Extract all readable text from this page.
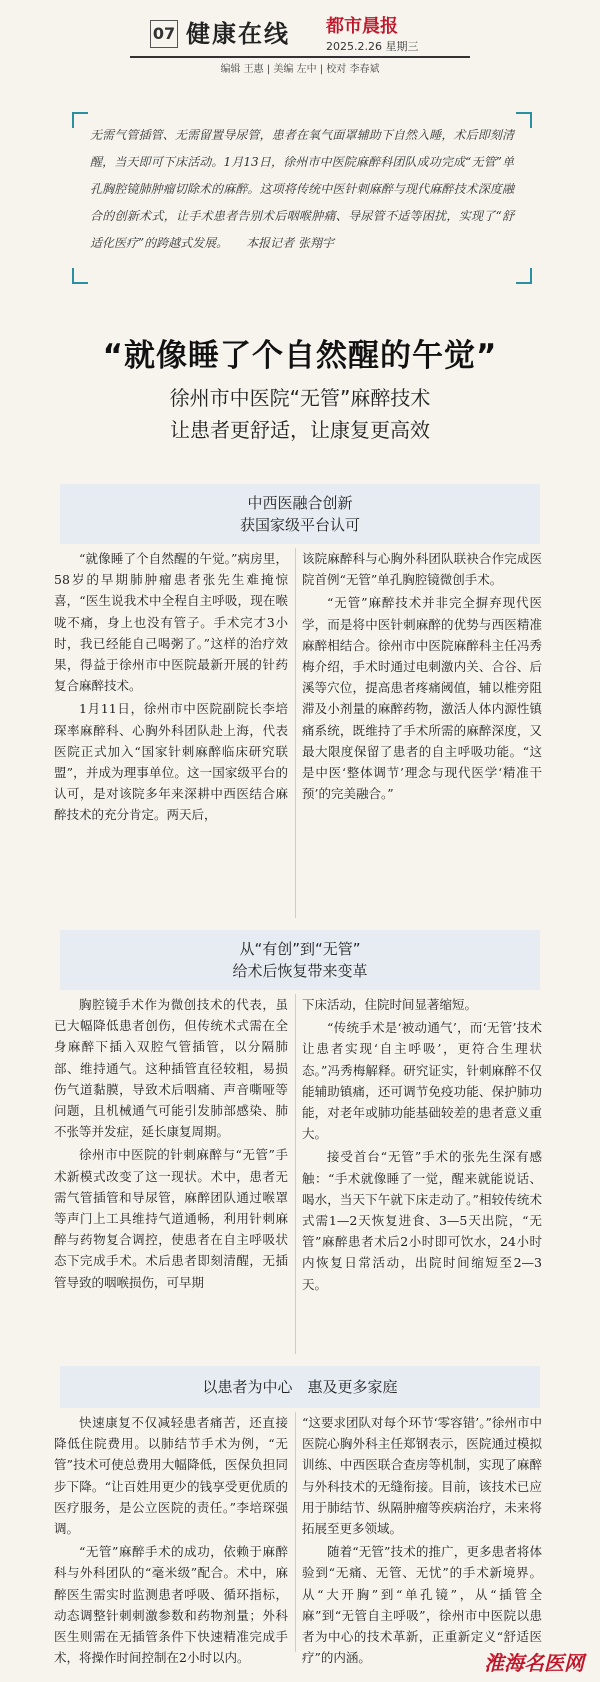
07 健康在线 都市晨报
2025.2.26 星期三
编辑 王惠 | 美编 左中 | 校对 李春斌
无需气管插管、无需留置导尿管，患者在氧气面罩辅助下自然入睡，术后即刻清醒，当天即可下床活动。1月13日，徐州市中医院麻醉科团队成功完成“无管”单孔胸腔镜肺肿瘤切除术的麻醉。这项将传统中医针刺麻醉与现代麻醉技术深度融合的创新术式，让手术患者告别术后咽喉肿痛、导尿管不适等困扰，实现了“舒适化医疗”的跨越式发展。　　本报记者 张翔宇
“就像睡了个自然醒的午觉”
徐州市中医院“无管”麻醉技术
让患者更舒适，让康复更高效
中西医融合创新
获国家级平台认可

“就像睡了个自然醒的午觉。”病房里，58岁的早期肺肿瘤患者张先生难掩惊喜，“医生说我术中全程自主呼吸，现在喉咙不痛，身上也没有管子。手术完才3小时，我已经能自己喝粥了。”这样的治疗效果，得益于徐州市中医院最新开展的针药复合麻醉技术。

1月11日，徐州市中医院副院长李培琛率麻醉科、心胸外科团队赴上海，代表医院正式加入“国家针刺麻醉临床研究联盟”，并成为理事单位。这一国家级平台的认可，是对该院多年来深耕中西医结合麻醉技术的充分肯定。两天后，

该院麻醉科与心胸外科团队联袂合作完成医院首例“无管”单孔胸腔镜微创手术。

“无管”麻醉技术并非完全摒弃现代医学，而是将中医针刺麻醉的优势与西医精准麻醉相结合。徐州市中医院麻醉科主任冯秀梅介绍，手术时通过电刺激内关、合谷、后溪等穴位，提高患者疼痛阈值，辅以椎旁阻滞及小剂量的麻醉药物，激活人体内源性镇痛系统，既维持了手术所需的麻醉深度，又最大限度保留了患者的自主呼吸功能。“这是中医‘整体调节’理念与现代医学‘精准干预’的完美融合。”

从“有创”到“无管”
给术后恢复带来变革

胸腔镜手术作为微创技术的代表，虽已大幅降低患者创伤，但传统术式需在全身麻醉下插入双腔气管插管，以分隔肺部、维持通气。这种插管直径较粗，易损伤气道黏膜，导致术后咽痛、声音嘶哑等问题，且机械通气可能引发肺部感染、肺不张等并发症，延长康复周期。

徐州市中医院的针刺麻醉与“无管”手术新模式改变了这一现状。术中，患者无需气管插管和导尿管，麻醉团队通过喉罩等声门上工具维持气道通畅，利用针刺麻醉与药物复合调控，使患者在自主呼吸状态下完成手术。术后患者即刻清醒，无插管导致的咽喉损伤，可早期

下床活动，住院时间显著缩短。

“传统手术是‘被动通气’，而‘无管’技术让患者实现‘自主呼吸’，更符合生理状态。”冯秀梅解释。研究证实，针刺麻醉不仅能辅助镇痛，还可调节免疫功能、保护肺功能，对老年或肺功能基础较差的患者意义重大。

接受首台“无管”手术的张先生深有感触：“手术就像睡了一觉，醒来就能说话、喝水，当天下午就下床走动了。”相较传统术式需1—2天恢复进食、3—5天出院，“无管”麻醉患者术后2小时即可饮水，24小时内恢复日常活动，出院时间缩短至2—3天。

以患者为中心　惠及更多家庭

快速康复不仅减轻患者痛苦，还直接降低住院费用。以肺结节手术为例，“无管”技术可使总费用大幅降低，医保负担同步下降。“让百姓用更少的钱享受更优质的医疗服务，是公立医院的责任。”李培琛强调。

“无管”麻醉手术的成功，依赖于麻醉科与外科团队的“毫米级”配合。术中，麻醉医生需实时监测患者呼吸、循环指标，动态调整针刺刺激参数和药物剂量；外科医生则需在无插管条件下快速精准完成手术，将操作时间控制在2小时以内。

“这要求团队对每个环节‘零容错’。”徐州市中医院心胸外科主任郑钢表示，医院通过模拟训练、中西医联合查房等机制，实现了麻醉与外科技术的无缝衔接。目前，该技术已应用于肺结节、纵隔肿瘤等疾病治疗，未来将拓展至更多领域。

随着“无管”技术的推广，更多患者将体验到“无痛、无管、无忧”的手术新境界。从“大开胸”到“单孔镜”，从“插管全麻”到“无管自主呼吸”，徐州市中医院以患者为中心的技术革新，正重新定义“舒适医疗”的内涵。	淮海名医网
